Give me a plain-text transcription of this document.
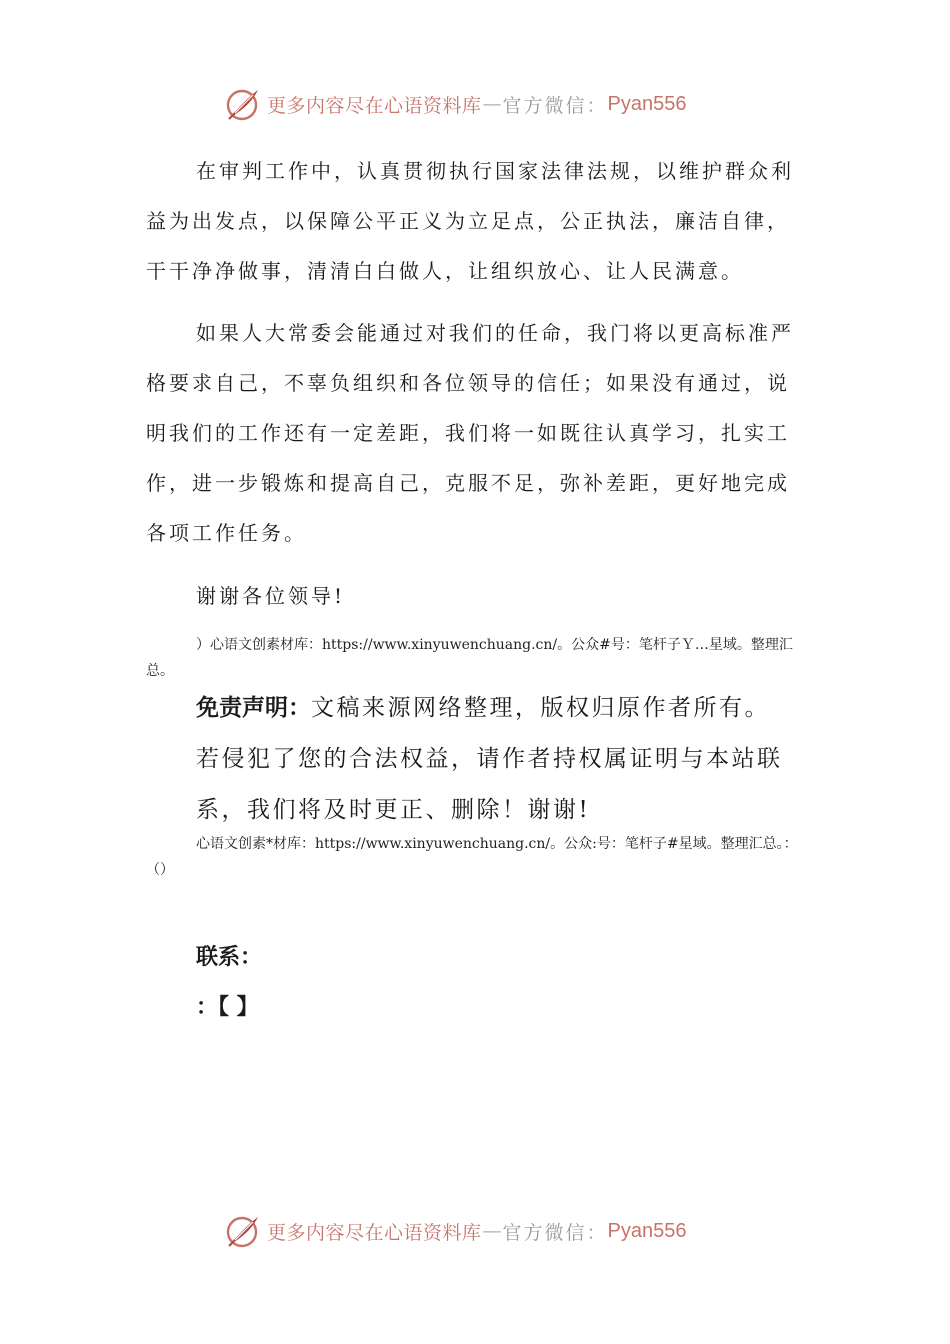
更多内容尽在心语资料库 — 官方微信： Pyan556

在审判工作中，认真贯彻执行国家法律法规，以维护群众利益为出发点，以保障公平正义为立足点，公正执法，廉洁自律，干干净净做事，清清白白做人，让组织放心、让人民满意。

如果人大常委会能通过对我们的任命，我门将以更高标准严格要求自己，不辜负组织和各位领导的信任；如果没有通过，说明我们的工作还有一定差距，我们将一如既往认真学习，扎实工作，进一步锻炼和提高自己，克服不足，弥补差距，更好地完成各项工作任务。

谢谢各位领导!

）心语文创素材库：https://www.xinyuwenchuang.cn/。公众#号：笔杆子Ｙ…星域。整理汇总。

免责声明：文稿来源网络整理，版权归原作者所有。
若侵犯了您的合法权益，请作者持权属证明与本站联系，我们将及时更正、删除！谢谢!

心语文创素*材库：https://www.xinyuwenchuang.cn/。公众:号：笔杆子#星域。整理汇总。：（）

联系：

：【 】

更多内容尽在心语资料库 — 官方微信： Pyan556
